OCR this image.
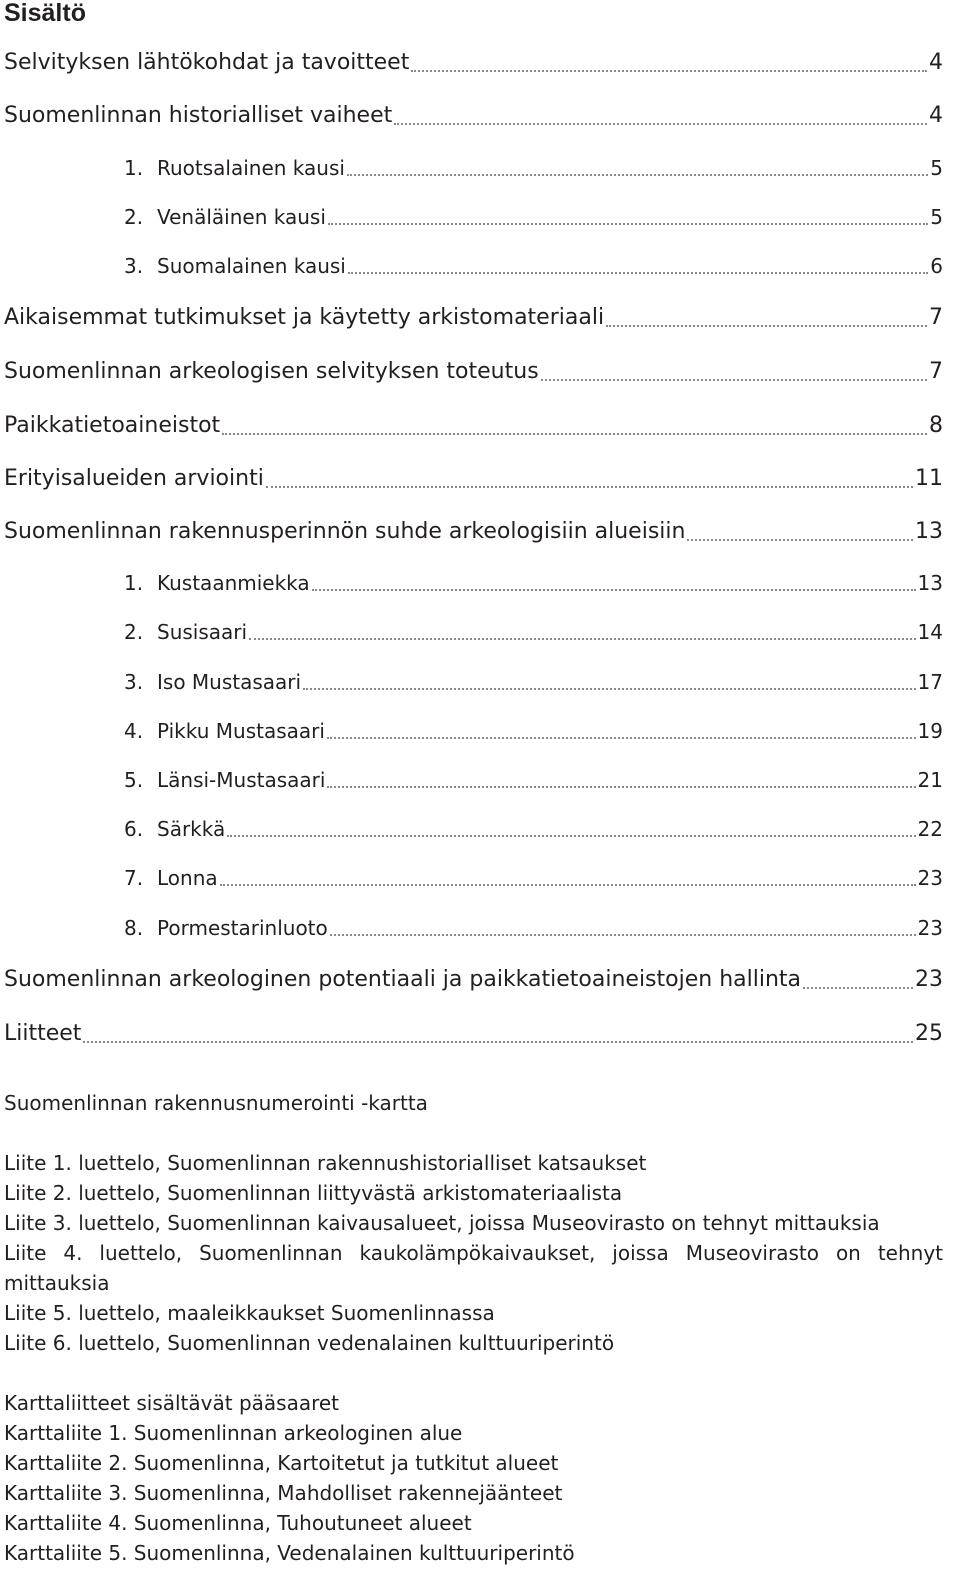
Sisältö
Selvityksen lähtökohdat ja tavoitteet	4
Suomenlinnan historialliset vaiheet	4
1. Ruotsalainen kausi	5
2. Venäläinen kausi	5
3. Suomalainen kausi	6
Aikaisemmat tutkimukset ja käytetty arkistomateriaali	7
Suomenlinnan arkeologisen selvityksen toteutus	7
Paikkatietoaineistot	8
Erityisalueiden arviointi	11
Suomenlinnan rakennusperinnön suhde arkeologisiin alueisiin	13
1. Kustaanmiekka	13
2. Susisaari	14
3. Iso Mustasaari	17
4. Pikku Mustasaari	19
5. Länsi-Mustasaari	21
6. Särkkä	22
7. Lonna	23
8. Pormestarinluoto	23
Suomenlinnan arkeologinen potentiaali ja paikkatietoaineistojen hallinta	23
Liitteet	25

Suomenlinnan rakennusnumerointi -kartta

Liite 1. luettelo, Suomenlinnan rakennushistorialliset katsaukset

Liite 2. luettelo, Suomenlinnan liittyvästä arkistomateriaalista

Liite 3. luettelo, Suomenlinnan kaivausalueet, joissa Museovirasto on tehnyt mittauksia

Liite 4. luettelo, Suomenlinnan kaukolämpökaivaukset, joissa Museovirasto on tehnyt mittauksia

Liite 5. luettelo, maaleikkaukset Suomenlinnassa

Liite 6. luettelo, Suomenlinnan vedenalainen kulttuuriperintö

Karttaliitteet sisältävät pääsaaret

Karttaliite 1. Suomenlinnan arkeologinen alue

Karttaliite 2. Suomenlinna, Kartoitetut ja tutkitut alueet

Karttaliite 3. Suomenlinna, Mahdolliset rakennejäänteet

Karttaliite 4. Suomenlinna, Tuhoutuneet alueet

Karttaliite 5. Suomenlinna, Vedenalainen kulttuuriperintö
